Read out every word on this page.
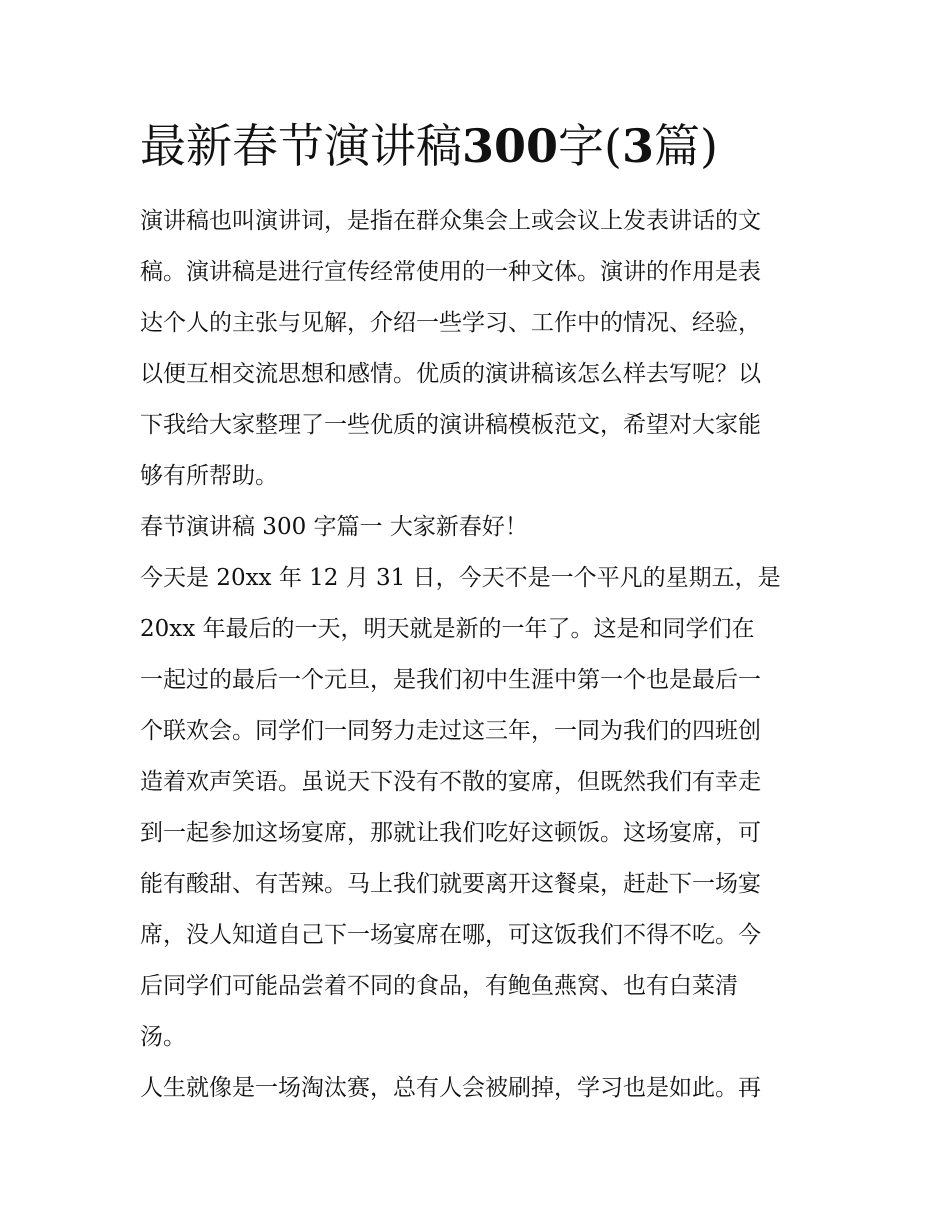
最新春节演讲稿300字(3篇)

演讲稿也叫演讲词，是指在群众集会上或会议上发表讲话的文
稿。演讲稿是进行宣传经常使用的一种文体。演讲的作用是表
达个人的主张与见解，介绍一些学习、工作中的情况、经验，
以便互相交流思想和感情。优质的演讲稿该怎么样去写呢？以
下我给大家整理了一些优质的演讲稿模板范文，希望对大家能
够有所帮助。

春节演讲稿 300 字篇一 大家新春好！

今天是 20xx 年 12 月 31 日，今天不是一个平凡的星期五，是
20xx 年最后的一天，明天就是新的一年了。这是和同学们在
一起过的最后一个元旦，是我们初中生涯中第一个也是最后一
个联欢会。同学们一同努力走过这三年，一同为我们的四班创
造着欢声笑语。虽说天下没有不散的宴席，但既然我们有幸走
到一起参加这场宴席，那就让我们吃好这顿饭。这场宴席，可
能有酸甜、有苦辣。马上我们就要离开这餐桌，赶赴下一场宴
席，没人知道自己下一场宴席在哪，可这饭我们不得不吃。今
后同学们可能品尝着不同的食品，有鲍鱼燕窝、也有白菜清
汤。

人生就像是一场淘汰赛，总有人会被刷掉，学习也是如此。再
